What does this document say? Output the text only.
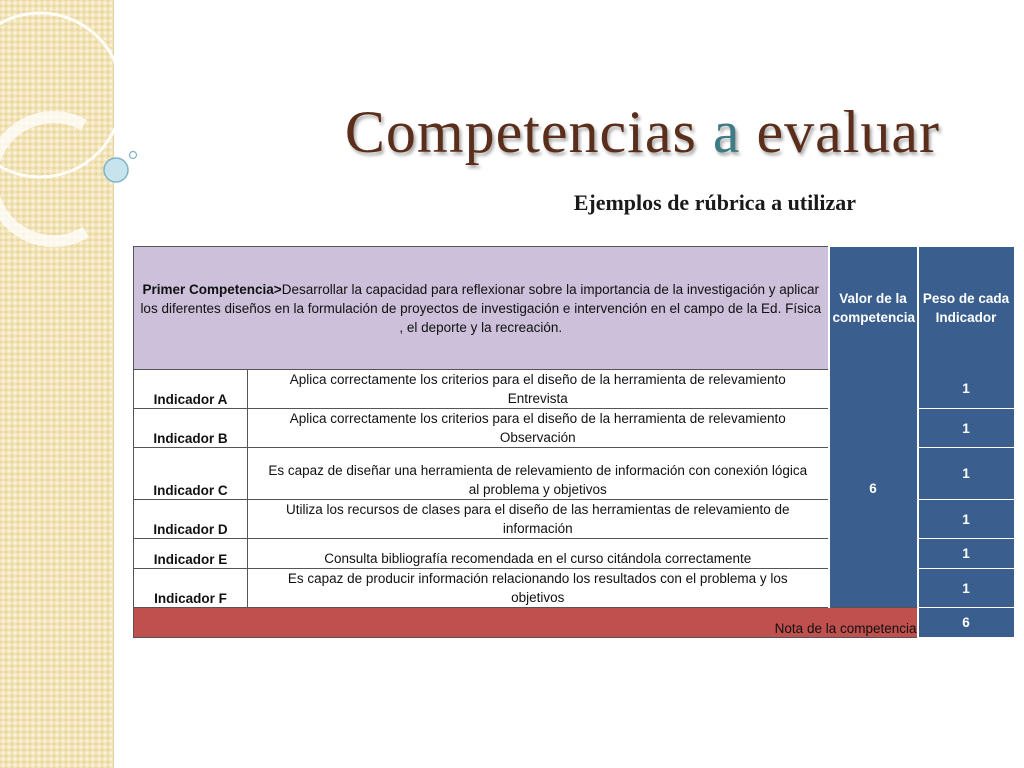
Competencias a evaluar
Ejemplos de rúbrica a utilizar
Primer Competencia>Desarrollar la capacidad para reflexionar sobre la importancia de la investigación y aplicar los diferentes diseños en la formulación de proyectos de investigación e intervención en el campo de la Ed. Física , el deporte y la recreación.		Valor de la competencia	Peso de cada Indicador
Indicador A	Aplica correctamente los criterios para el diseño de la herramienta de relevamiento
Entrevista	6	1
Indicador B	Aplica correctamente los criterios para el diseño de la herramienta de relevamiento
Observación		1
Indicador C	Es capaz de diseñar una herramienta de relevamiento de información con conexión lógica
al problema y objetivos		1
Indicador D	Utiliza los recursos de clases para el diseño de las herramientas de relevamiento de
información		1
Indicador E	Consulta bibliografía recomendada en el curso citándola correctamente		1
Indicador F	Es capaz de producir información relacionando los resultados con el problema y los
objetivos		1
Nota de la competencia			6
